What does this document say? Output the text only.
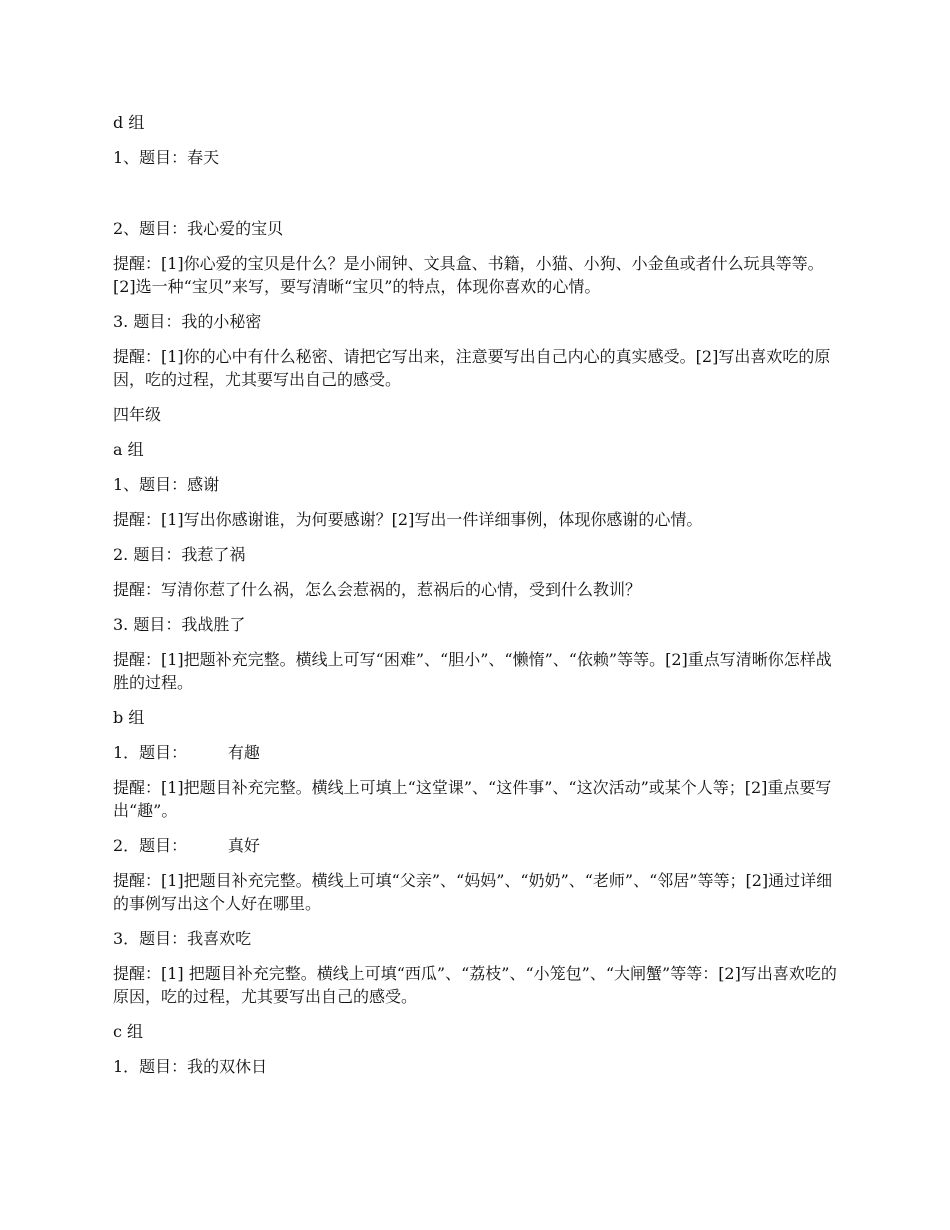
d 组

1、题目：春天

2、题目：我心爱的宝贝

提醒：[1]你心爱的宝贝是什么？是小闹钟、文具盒、书籍，小猫、小狗、小金鱼或者什么玩具等等。[2]选一种“宝贝”来写，要写清晰“宝贝”的特点，体现你喜欢的心情。

3. 题目：我的小秘密

提醒：[1]你的心中有什么秘密、请把它写出来，注意要写出自己内心的真实感受。[2]写出喜欢吃的原因，吃的过程，尤其要写出自己的感受。

四年级

a 组

1、题目：感谢

提醒：[1]写出你感谢谁，为何要感谢？[2]写出一件详细事例，体现你感谢的心情。

2. 题目：我惹了祸

提醒：写清你惹了什么祸，怎么会惹祸的，惹祸后的心情，受到什么教训？

3. 题目：我战胜了

提醒：[1]把题补充完整。横线上可写“困难”、“胆小”、“懒惰”、“依赖”等等。[2]重点写清晰你怎样战胜的过程。

b 组

1．题目：        有趣

提醒：[1]把题目补充完整。横线上可填上“这堂课”、“这件事”、“这次活动”或某个人等；[2]重点要写出“趣”。

2．题目：        真好

提醒：[1]把题目补充完整。横线上可填“父亲”、“妈妈”、“奶奶”、“老师”、“邻居”等等；[2]通过详细的事例写出这个人好在哪里。

3．题目：我喜欢吃

提醒：[1] 把题目补充完整。横线上可填“西瓜”、“荔枝”、“小笼包”、“大闸蟹”等等：[2]写出喜欢吃的原因，吃的过程，尤其要写出自己的感受。

c 组

1．题目：我的双休日
